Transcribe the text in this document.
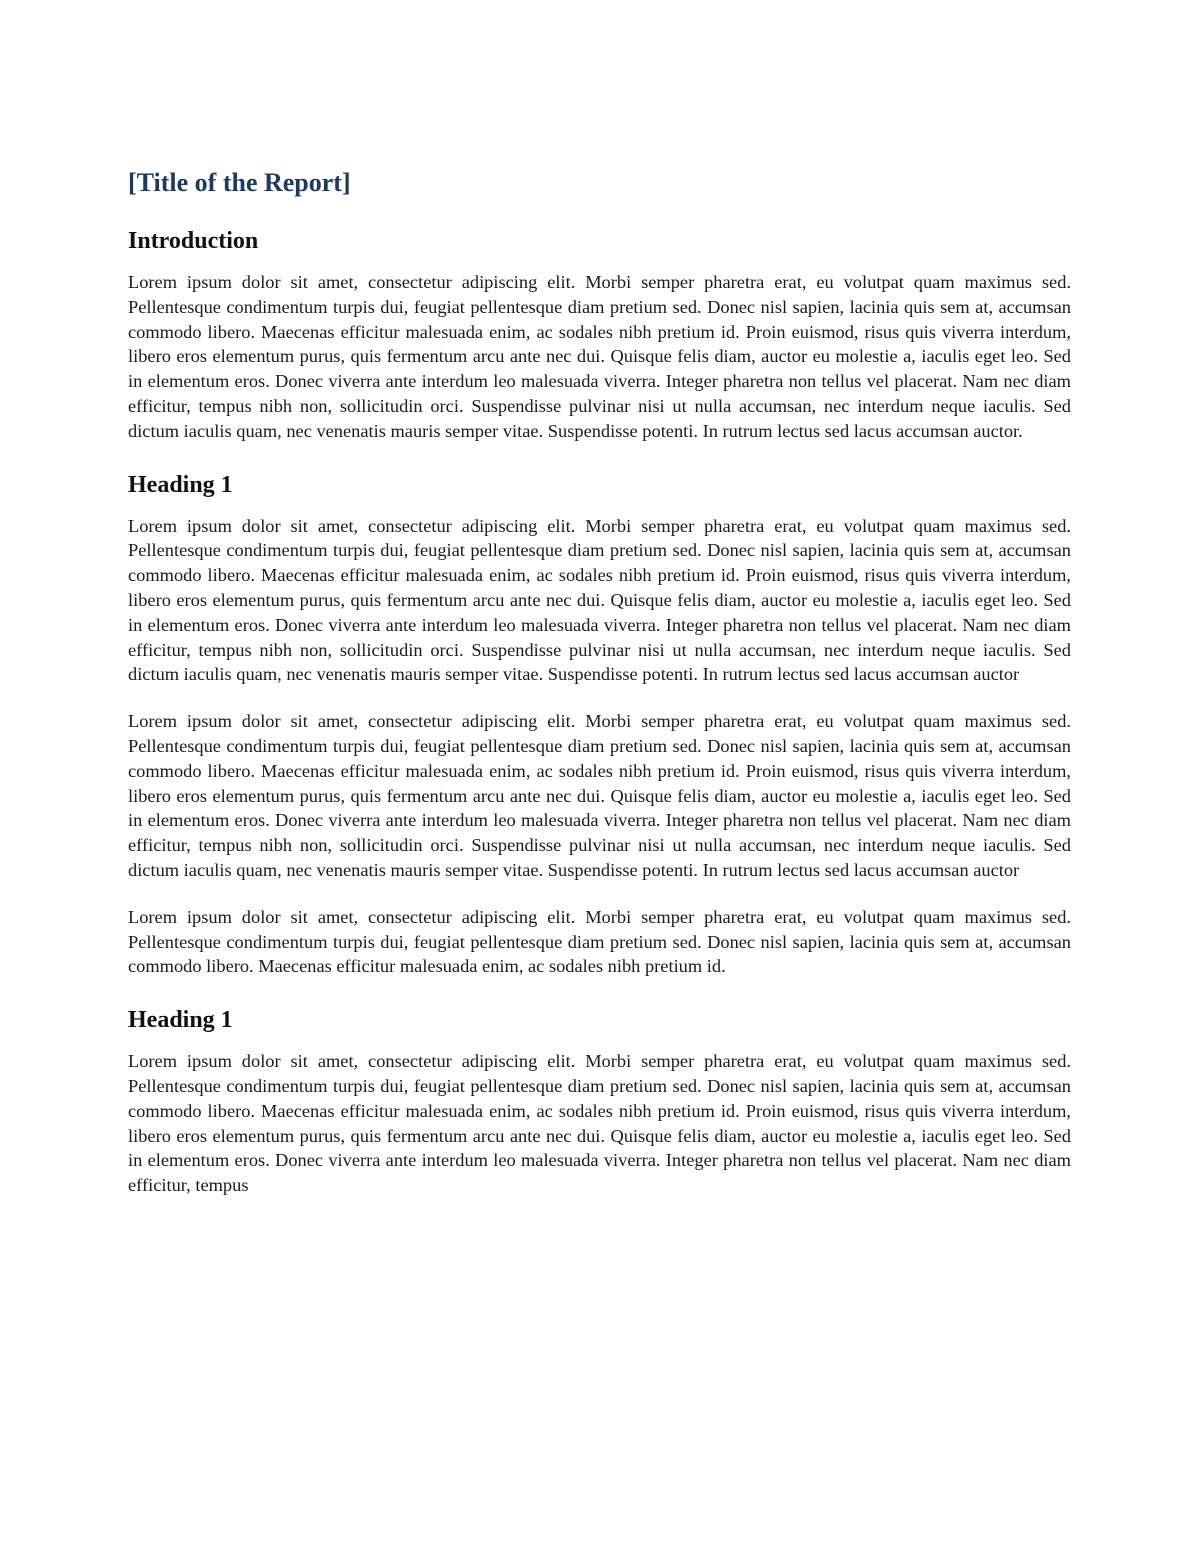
[Title of the Report]
Introduction

Lorem ipsum dolor sit amet, consectetur adipiscing elit. Morbi semper pharetra erat, eu volutpat quam maximus sed. Pellentesque condimentum turpis dui, feugiat pellentesque diam pretium sed. Donec nisl sapien, lacinia quis sem at, accumsan commodo libero. Maecenas efficitur malesuada enim, ac sodales nibh pretium id. Proin euismod, risus quis viverra interdum, libero eros elementum purus, quis fermentum arcu ante nec dui. Quisque felis diam, auctor eu molestie a, iaculis eget leo. Sed in elementum eros. Donec viverra ante interdum leo malesuada viverra. Integer pharetra non tellus vel placerat. Nam nec diam efficitur, tempus nibh non, sollicitudin orci. Suspendisse pulvinar nisi ut nulla accumsan, nec interdum neque iaculis. Sed dictum iaculis quam, nec venenatis mauris semper vitae. Suspendisse potenti. In rutrum lectus sed lacus accumsan auctor.

Heading 1

Lorem ipsum dolor sit amet, consectetur adipiscing elit. Morbi semper pharetra erat, eu volutpat quam maximus sed. Pellentesque condimentum turpis dui, feugiat pellentesque diam pretium sed. Donec nisl sapien, lacinia quis sem at, accumsan commodo libero. Maecenas efficitur malesuada enim, ac sodales nibh pretium id. Proin euismod, risus quis viverra interdum, libero eros elementum purus, quis fermentum arcu ante nec dui. Quisque felis diam, auctor eu molestie a, iaculis eget leo. Sed in elementum eros. Donec viverra ante interdum leo malesuada viverra. Integer pharetra non tellus vel placerat. Nam nec diam efficitur, tempus nibh non, sollicitudin orci. Suspendisse pulvinar nisi ut nulla accumsan, nec interdum neque iaculis. Sed dictum iaculis quam, nec venenatis mauris semper vitae. Suspendisse potenti. In rutrum lectus sed lacus accumsan auctor

Lorem ipsum dolor sit amet, consectetur adipiscing elit. Morbi semper pharetra erat, eu volutpat quam maximus sed. Pellentesque condimentum turpis dui, feugiat pellentesque diam pretium sed. Donec nisl sapien, lacinia quis sem at, accumsan commodo libero. Maecenas efficitur malesuada enim, ac sodales nibh pretium id. Proin euismod, risus quis viverra interdum, libero eros elementum purus, quis fermentum arcu ante nec dui. Quisque felis diam, auctor eu molestie a, iaculis eget leo. Sed in elementum eros. Donec viverra ante interdum leo malesuada viverra. Integer pharetra non tellus vel placerat. Nam nec diam efficitur, tempus nibh non, sollicitudin orci. Suspendisse pulvinar nisi ut nulla accumsan, nec interdum neque iaculis. Sed dictum iaculis quam, nec venenatis mauris semper vitae. Suspendisse potenti. In rutrum lectus sed lacus accumsan auctor

Lorem ipsum dolor sit amet, consectetur adipiscing elit. Morbi semper pharetra erat, eu volutpat quam maximus sed. Pellentesque condimentum turpis dui, feugiat pellentesque diam pretium sed. Donec nisl sapien, lacinia quis sem at, accumsan commodo libero. Maecenas efficitur malesuada enim, ac sodales nibh pretium id.

Heading 1

Lorem ipsum dolor sit amet, consectetur adipiscing elit. Morbi semper pharetra erat, eu volutpat quam maximus sed. Pellentesque condimentum turpis dui, feugiat pellentesque diam pretium sed. Donec nisl sapien, lacinia quis sem at, accumsan commodo libero. Maecenas efficitur malesuada enim, ac sodales nibh pretium id. Proin euismod, risus quis viverra interdum, libero eros elementum purus, quis fermentum arcu ante nec dui. Quisque felis diam, auctor eu molestie a, iaculis eget leo. Sed in elementum eros. Donec viverra ante interdum leo malesuada viverra. Integer pharetra non tellus vel placerat. Nam nec diam efficitur, tempus
